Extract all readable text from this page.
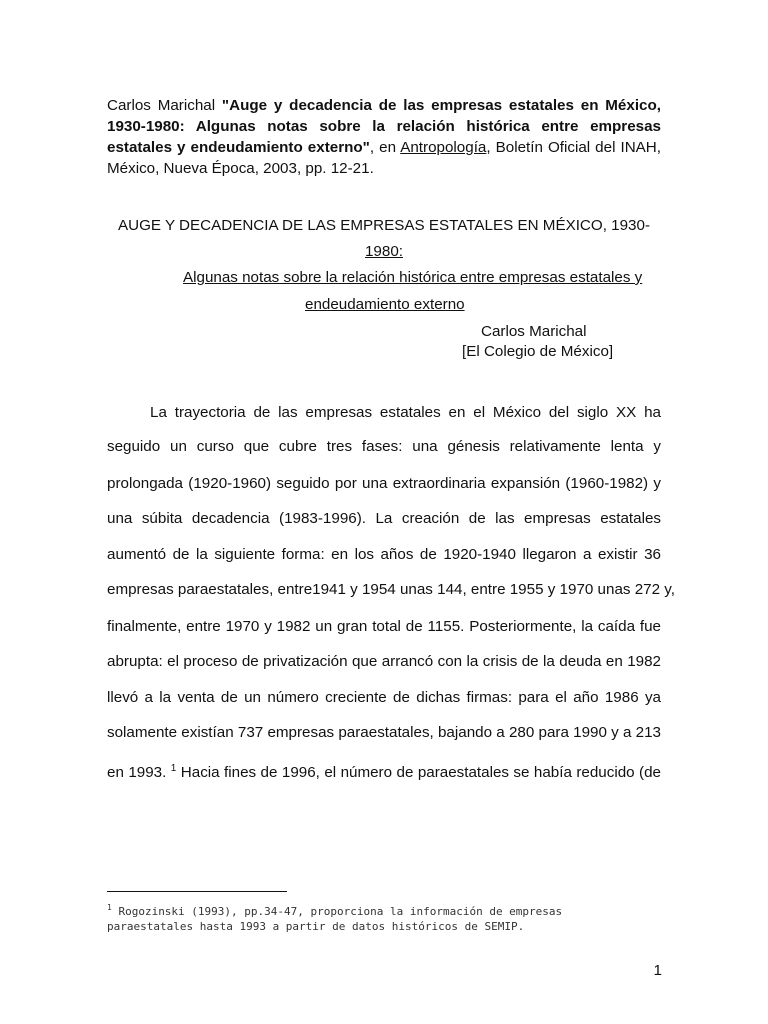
Carlos Marichal "Auge y decadencia de las empresas estatales en México, 1930-1980: Algunas notas sobre la relación histórica entre empresas estatales y endeudamiento externo", en Antropología, Boletín Oficial del INAH, México, Nueva Época, 2003, pp. 12-21.
AUGE Y DECADENCIA DE LAS EMPRESAS ESTATALES EN MÉXICO, 1930-
1980:
Algunas notas sobre la relación histórica entre empresas estatales y
endeudamiento externo
Carlos Marichal
[El Colegio de México]
La trayectoria de las empresas estatales en el México del siglo XX ha
seguido un curso que cubre tres fases: una génesis relativamente lenta y
prolongada (1920-1960) seguido por una extraordinaria expansión (1960-1982) y
una súbita decadencia (1983-1996). La creación de las empresas estatales
aumentó de la siguiente forma: en los años de 1920-1940 llegaron a existir 36
empresas paraestatales, entre1941 y 1954 unas 144, entre 1955 y 1970 unas 272 y,
finalmente, entre 1970 y 1982 un gran total de 1155. Posteriormente, la caída fue
abrupta: el proceso de privatización que arrancó con la crisis de la deuda en 1982
llevó a la venta de un número creciente de dichas firmas: para el año 1986 ya
solamente existían 737 empresas paraestatales, bajando a 280 para 1990 y a 213
en 1993. $^1$ Hacia fines de 1996, el número de paraestatales se había reducido (de
$^1$ Rogozinski (1993), pp.34-47, proporciona la información de empresas paraestatales hasta 1993 a partir de datos históricos de SEMIP.
1
